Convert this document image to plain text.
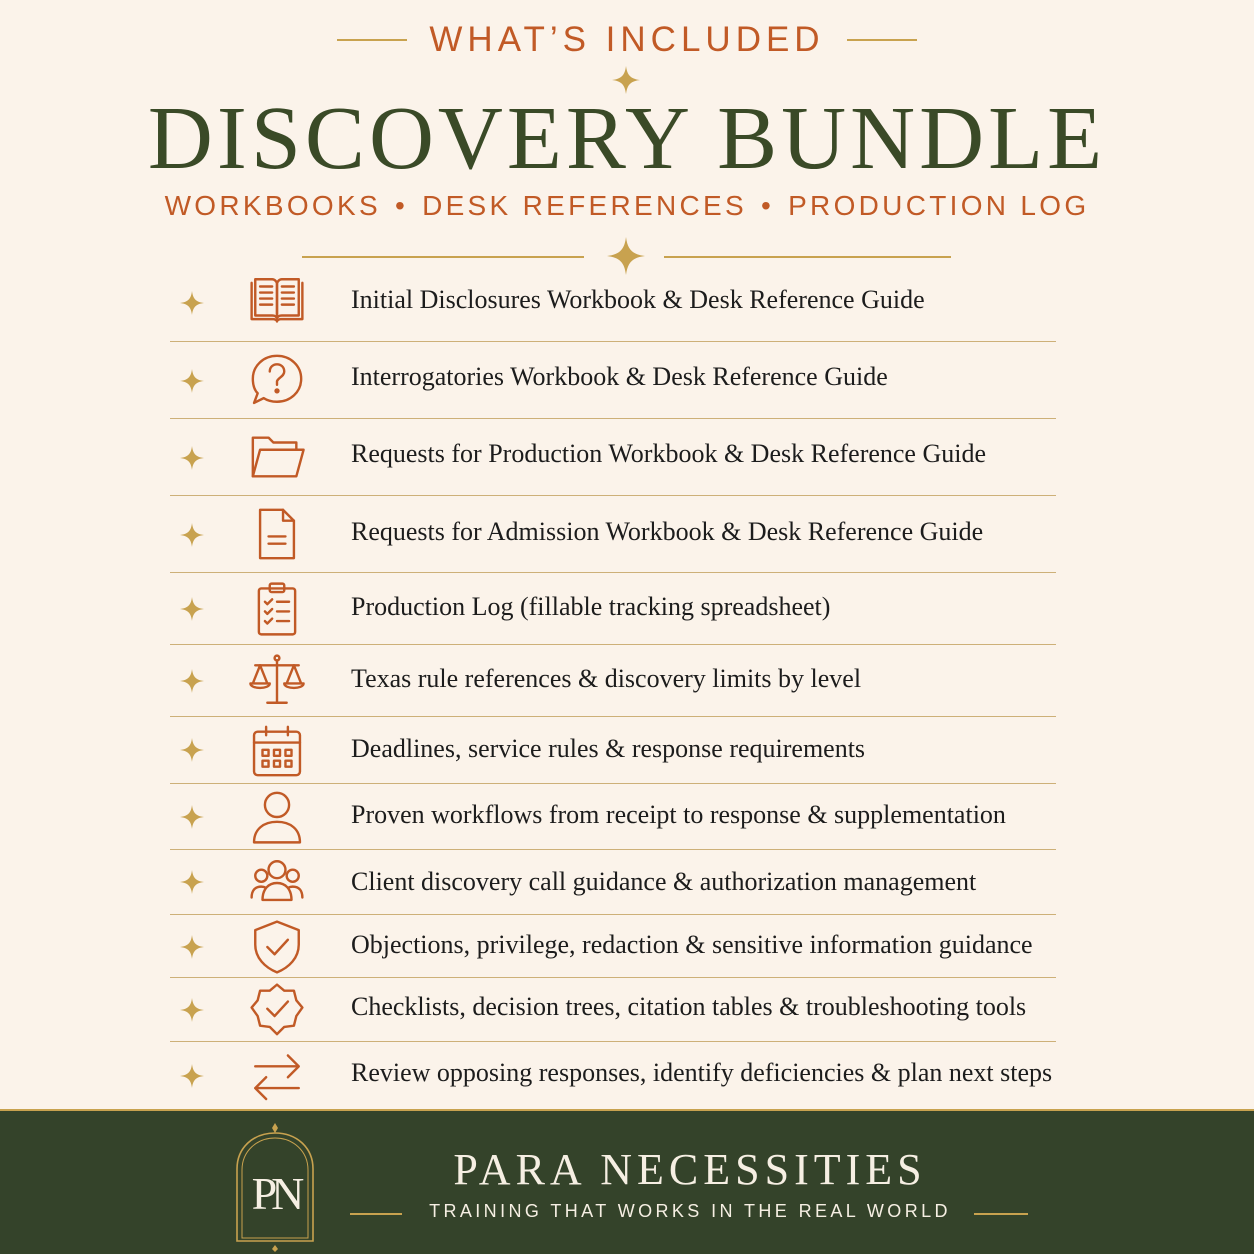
WHAT’S INCLUDED
DISCOVERY BUNDLE
WORKBOOKS • DESK REFERENCES • PRODUCTION LOG
Initial Disclosures Workbook & Desk Reference Guide
Interrogatories Workbook & Desk Reference Guide
Requests for Production Workbook & Desk Reference Guide
Requests for Admission Workbook & Desk Reference Guide
Production Log (fillable tracking spreadsheet)
Texas rule references & discovery limits by level
Deadlines, service rules & response requirements
Proven workflows from receipt to response & supplementation
Client discovery call guidance & authorization management
Objections, privilege, redaction & sensitive information guidance
Checklists, decision trees, citation tables & troubleshooting tools
Review opposing responses, identify deficiencies & plan next steps
PN	PARA NECESSITIES
TRAINING THAT WORKS IN THE REAL WORLD
